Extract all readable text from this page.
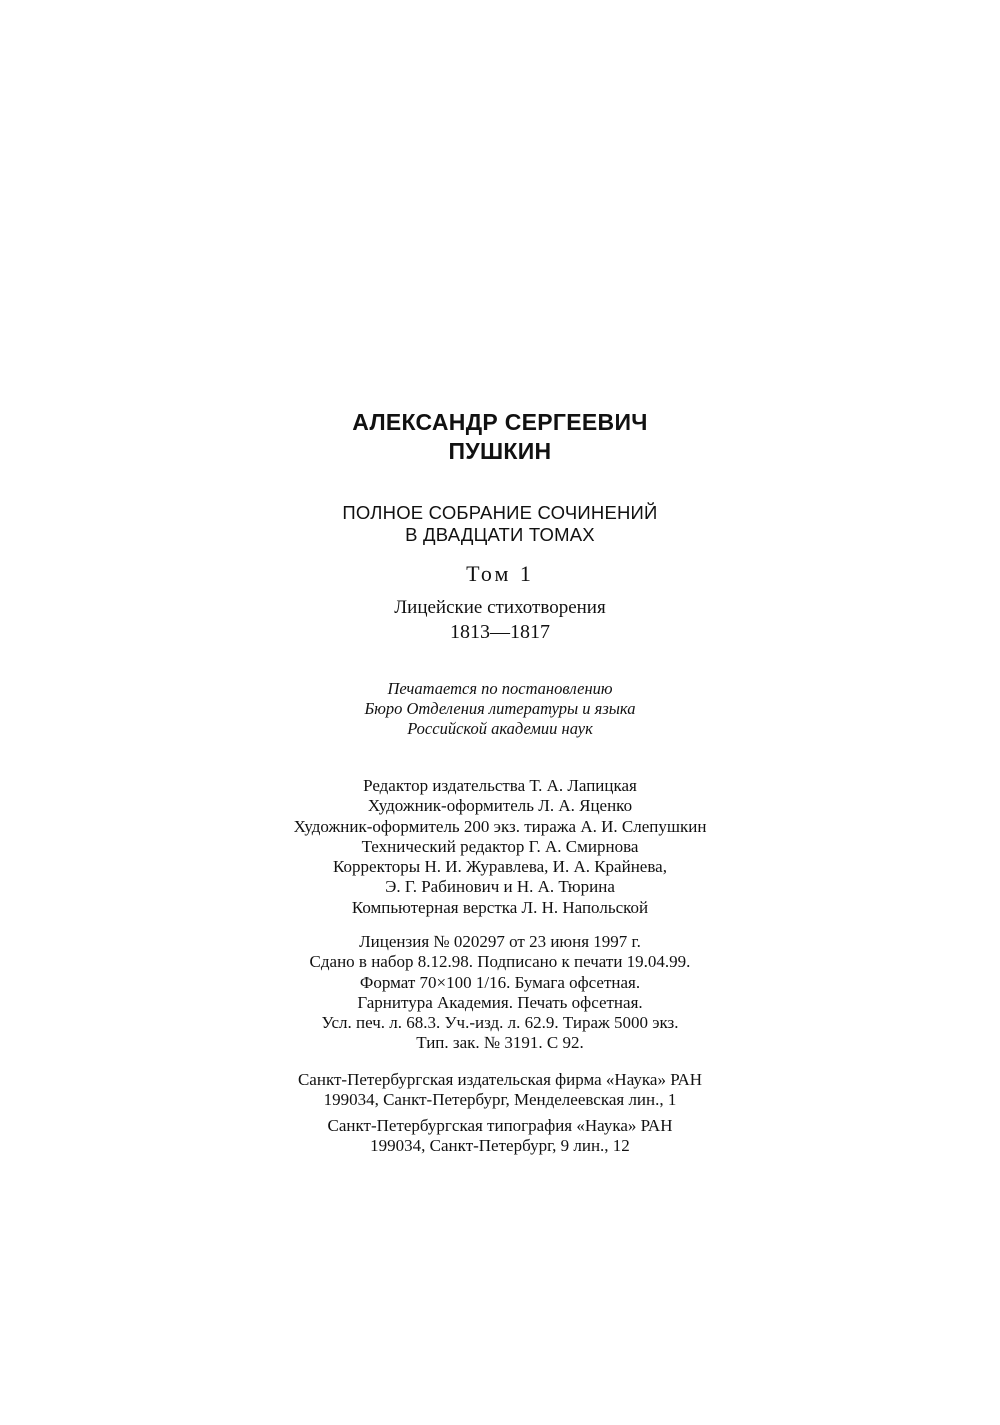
АЛЕКСАНДР СЕРГЕЕВИЧ
ПУШКИН
ПОЛНОЕ СОБРАНИЕ СОЧИНЕНИЙ
В ДВАДЦАТИ ТОМАХ
Том 1
Лицейские стихотворения
1813—1817
Печатается по постановлению
Бюро Отделения литературы и языка
Российской академии наук
Редактор издательства Т. А. Лапицкая
Художник-оформитель Л. А. Яценко
Художник-оформитель 200 экз. тиража А. И. Слепушкин
Технический редактор Г. А. Смирнова
Корректоры Н. И. Журавлева, И. А. Крайнева,
Э. Г. Рабинович и Н. А. Тюрина
Компьютерная верстка Л. Н. Напольской
Лицензия № 020297 от 23 июня 1997 г.
Сдано в набор 8.12.98. Подписано к печати 19.04.99.
Формат 70×100 1/16. Бумага офсетная.
Гарнитура Академия. Печать офсетная.
Усл. печ. л. 68.3. Уч.-изд. л. 62.9. Тираж 5000 экз.
Тип. зак. № 3191. С 92.
Санкт-Петербургская издательская фирма «Наука» РАН
199034, Санкт-Петербург, Менделеевская лин., 1
Санкт-Петербургская типография «Наука» РАН
199034, Санкт-Петербург, 9 лин., 12
